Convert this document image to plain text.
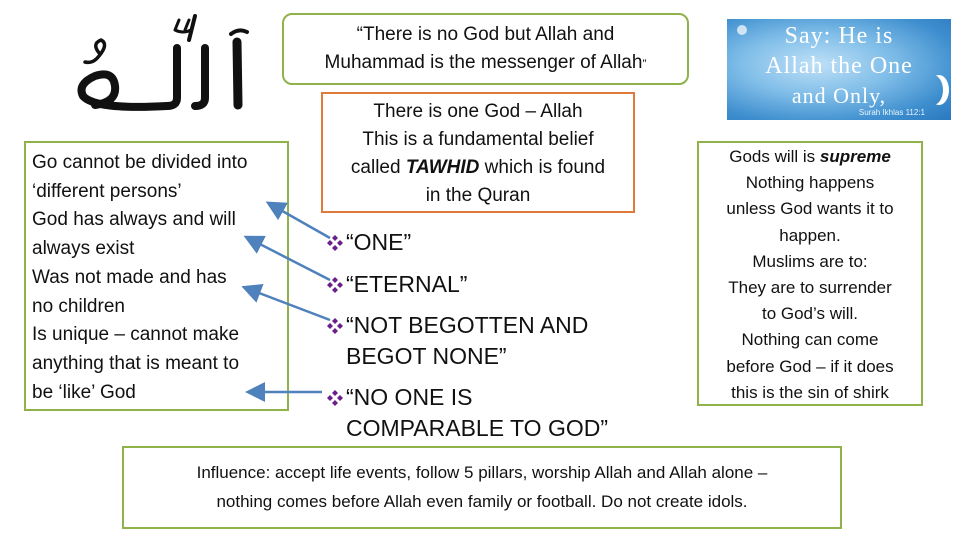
“There is no God but Allah and
Muhammad is the messenger of Allah”
Say: He is
Allah the One
and Only,
Surah Ikhlas 112:1
Go cannot be divided into
‘different persons’
God has always and will
always exist
Was not made and has
no children
Is unique – cannot make
anything that is meant to
be ‘like’ God
There is one God – Allah
This is a fundamental belief
called TAWHID which is found
in the Quran
“ONE”
“ETERNAL”
“NOT BEGOTTEN AND
BEGOT NONE”
“NO ONE IS
COMPARABLE TO GOD”
Gods will is supreme
Nothing happens
unless God wants it to
happen.
Muslims are to:
They are to surrender
to God’s will.
Nothing can come
before God – if it does
this is the sin of shirk
Influence: accept life events, follow 5 pillars, worship Allah and Allah alone –
nothing comes before Allah even family or football. Do not create idols.
